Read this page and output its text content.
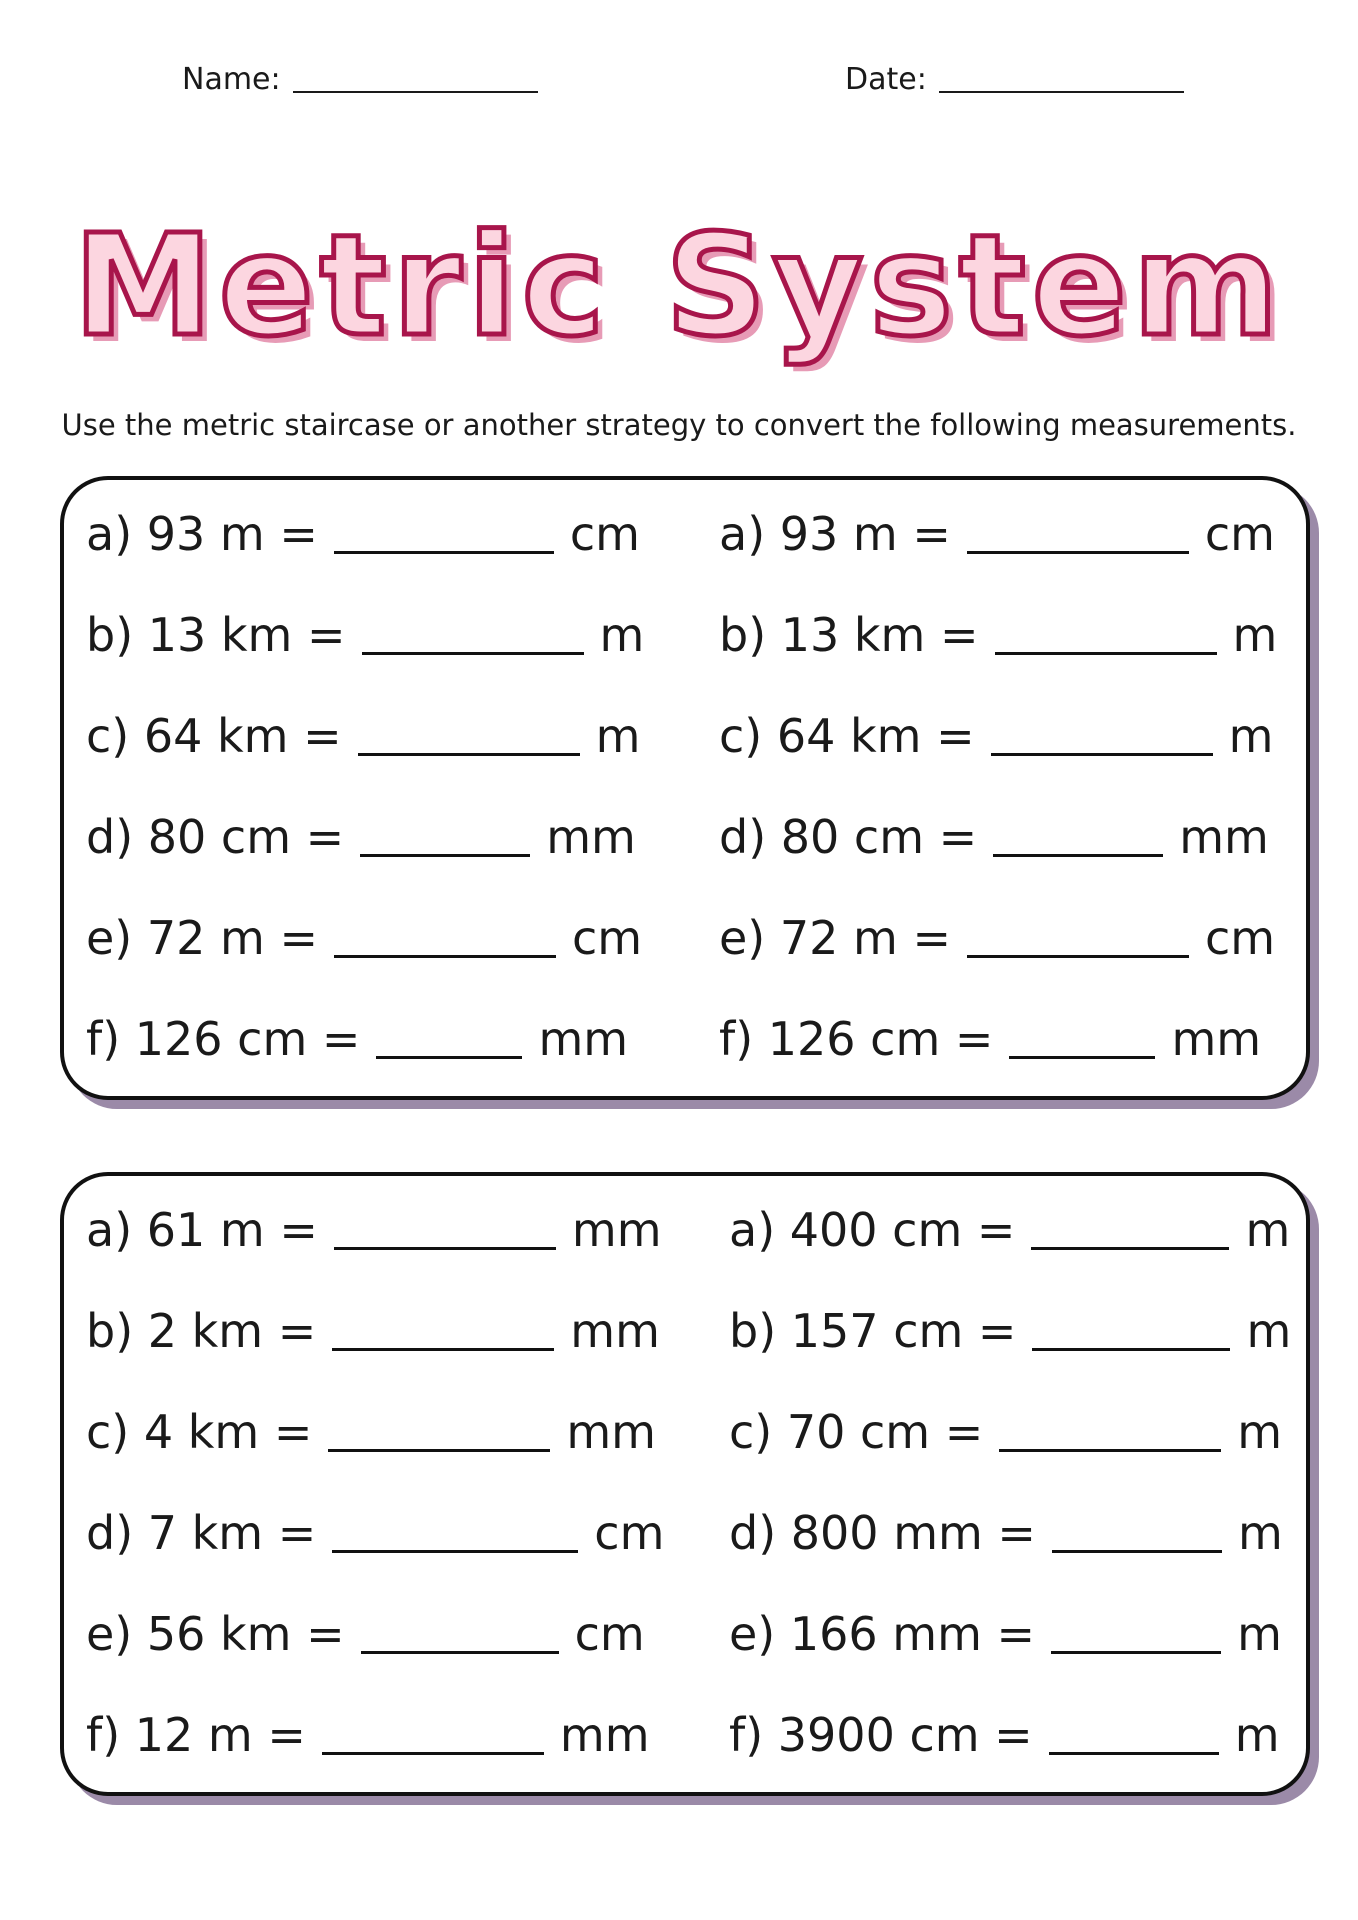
Name:	Date:
Metric System
Use the metric staircase or another strategy to convert the following measurements.
a) 93 m =	cm
b) 13 km =	m
c) 64 km =	m
d) 80 cm =	mm
e) 72 m =	cm
f) 126 cm =	mm
a) 93 m =	cm
b) 13 km =	m
c) 64 km =	m
d) 80 cm =	mm
e) 72 m =	cm
f) 126 cm =	mm
a) 61 m =	mm
b) 2 km =	mm
c) 4 km =	mm
d) 7 km =	cm
e) 56 km =	cm
f) 12 m =	mm
a) 400 cm =	m
b) 157 cm =	m
c) 70 cm =	m
d) 800 mm =	m
e) 166 mm =	m
f) 3900 cm =	m
